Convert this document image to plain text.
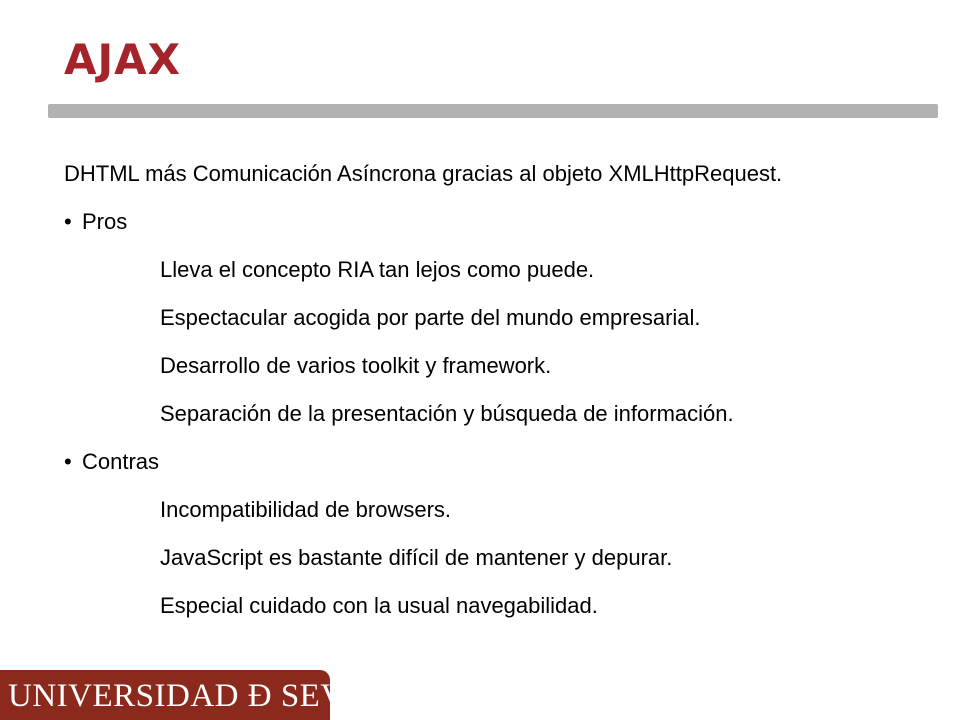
AJAX
DHTML más Comunicación Asíncrona gracias al objeto XMLHttpRequest.
• Pros
Lleva el concepto RIA tan lejos como puede.
Espectacular acogida por parte del mundo empresarial.
Desarrollo de varios toolkit y framework.
Separación de la presentación y búsqueda de información.
• Contras
Incompatibilidad de browsers.
JavaScript es bastante difícil de mantener y depurar.
Especial cuidado con la usual navegabilidad.
UNIVERSIDAD Ð SEVILLA
